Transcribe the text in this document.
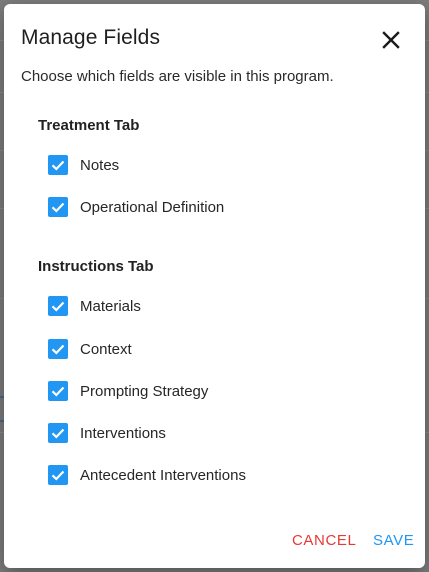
Manage Fields

Choose which fields are visible in this program.

Treatment Tab
Notes
Operational Definition
Instructions Tab
Materials
Context
Prompting Strategy
Interventions
Antecedent Interventions
CANCEL SAVE
